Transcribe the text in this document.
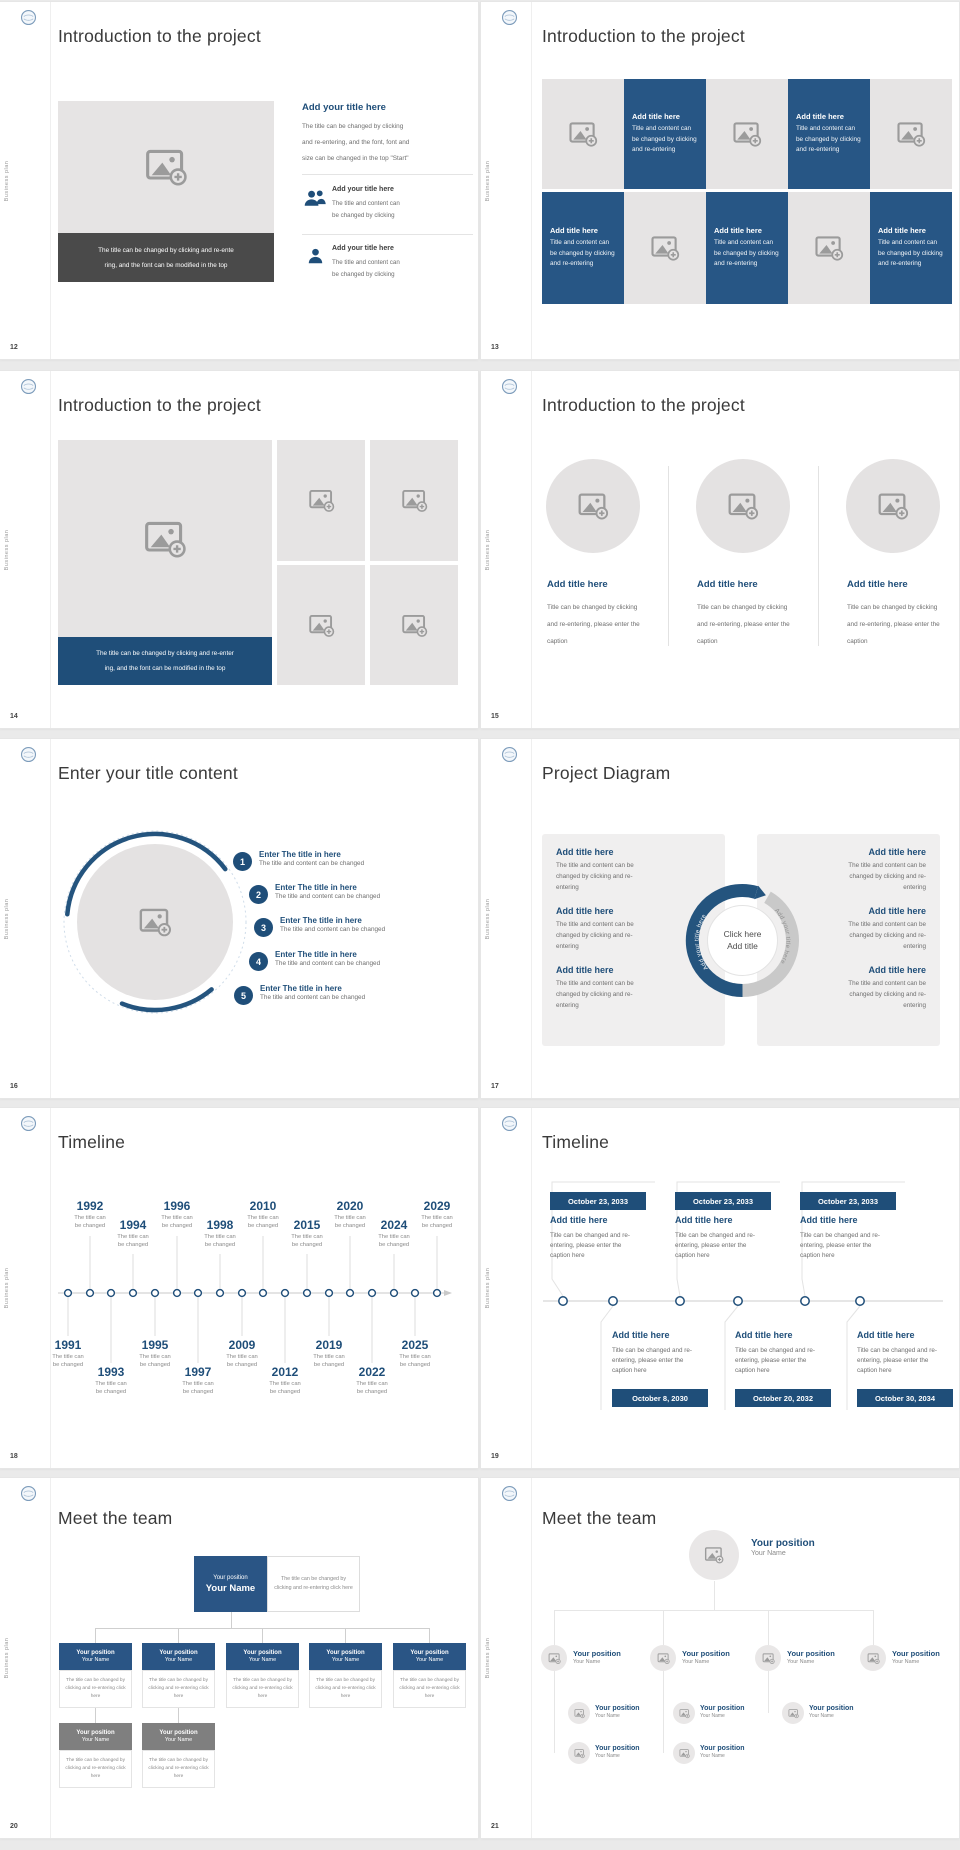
Business plan
Introduction to the project
The title can be changed by clicking and re-ente
ring, and the font can be modified in the top
Add your title here
The title can be changed by clicking
and re-entering, and the font, font and
size can be changed in the top "Start"
Add your title here
The title and content can
be changed by clicking
Add your title here
The title and content can
be changed by clicking
12
Business plan
Introduction to the project
Add title here

Title and content can be changed by clicking and re-entering

Add title here

Title and content can be changed by clicking and re-entering

Add title here

Title and content can be changed by clicking and re-entering

Add title here

Title and content can be changed by clicking and re-entering

Add title here

Title and content can be changed by clicking and re-entering

13
Business plan
Introduction to the project
The title can be changed by clicking and re-enter
ing, and the font can be modified in the top
14
Business plan
Introduction to the project
Add title here	Add title here	Add title here
Title can be changed by clicking and re-entering, please enter the caption
Title can be changed by clicking and re-entering, please enter the caption
Title can be changed by clicking and re-entering, please enter the caption
15
Business plan
Enter your title content
1
Enter The title in here

The title and content can be changed

2
Enter The title in here

The title and content can be changed

3
Enter The title in here

The title and content can be changed

4
Enter The title in here

The title and content can be changed

5
Enter The title in here

The title and content can be changed

16
Business plan
Project Diagram
Add title here

The title and content can be changed by clicking and re-entering

Add title here

The title and content can be changed by clicking and re-entering

Add title here

The title and content can be changed by clicking and re-entering

Add title here

The title and content can be changed by clicking and re-entering

Add title here

The title and content can be changed by clicking and re-entering

Add title here

The title and content can be changed by clicking and re-entering

Add your title here
Add your title here
Click here
Add title
17
Business plan
Timeline
1992
The title can
be changed	1994
The title can
be changed
1996
The title can
be changed	1998
The title can
be changed
2010
The title can
be changed	2015
The title can
be changed
2020
The title can
be changed	2024
The title can
be changed
2029
The title can
be changed
1991
The title can
be changed
1993
The title can
be changed
1995
The title can
be changed
1997
The title can
be changed
2009
The title can
be changed
2012
The title can
be changed
2019
The title can
be changed
2022
The title can
be changed
2025
The title can
be changed
18
Business plan
Timeline
October 23, 2033	October 23, 2033	October 23, 2033
Add title here	Add title here	Add title here
Title can be changed and re-entering, please enter the caption here
Title can be changed and re-entering, please enter the caption here
Title can be changed and re-entering, please enter the caption here
Add title here	Add title here	Add title here
Title can be changed and re-entering, please enter the caption here
Title can be changed and re-entering, please enter the caption here
Title can be changed and re-entering, please enter the caption here
October 8, 2030	October 20, 2032	October 30, 2034
19
Business plan
Meet the team
Your position
Your Name
The title can be changed by clicking and re-entering click here
Your position
Your Name
Your position
Your Name
Your position
Your Name
Your position
Your Name
Your position
Your Name
The title can be changed by clicking and re-entering click here
The title can be changed by clicking and re-entering click here
The title can be changed by clicking and re-entering click here
The title can be changed by clicking and re-entering click here
The title can be changed by clicking and re-entering click here
Your position
Your Name
Your position
Your Name
The title can be changed by clicking and re-entering click here
The title can be changed by clicking and re-entering click here
20
Business plan
Meet the team

Your position

Your Name

Your position

Your Name

Your position

Your Name

Your position

Your Name

Your position

Your Name

Your position

Your Name

Your position

Your Name

Your position

Your Name

Your position

Your Name

Your position

Your Name

21
